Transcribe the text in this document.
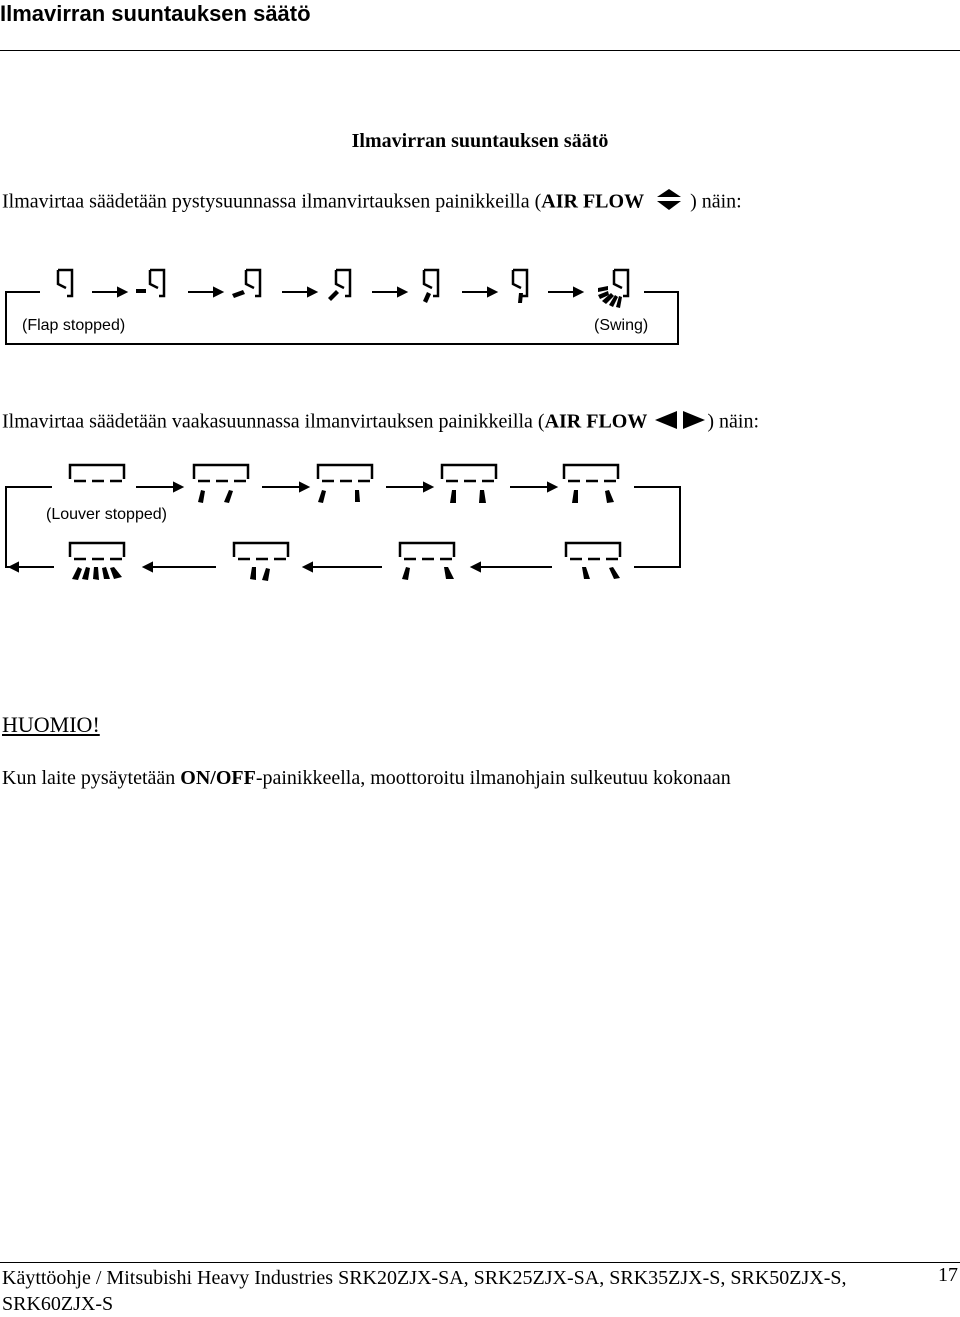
Ilmavirran suuntauksen säätö
Ilmavirran suuntauksen säätö
Ilmavirtaa säädetään pystysuunnassa ilmanvirtauksen painikkeilla (AIR FLOW ) näin:
(Flap stopped)	(Swing)
Ilmavirtaa säädetään vaakasuunnassa ilmanvirtauksen painikkeilla (AIR FLOW	) näin:
(Louver stopped)
HUOMIO!
Kun laite pysäytetään ON/OFF-painikkeella, moottoroitu ilmanohjain sulkeutuu kokonaan
Käyttöohje / Mitsubishi Heavy Industries SRK20ZJX-SA, SRK25ZJX-SA, SRK35ZJX-S, SRK50ZJX-S, SRK60ZJX-S
17
